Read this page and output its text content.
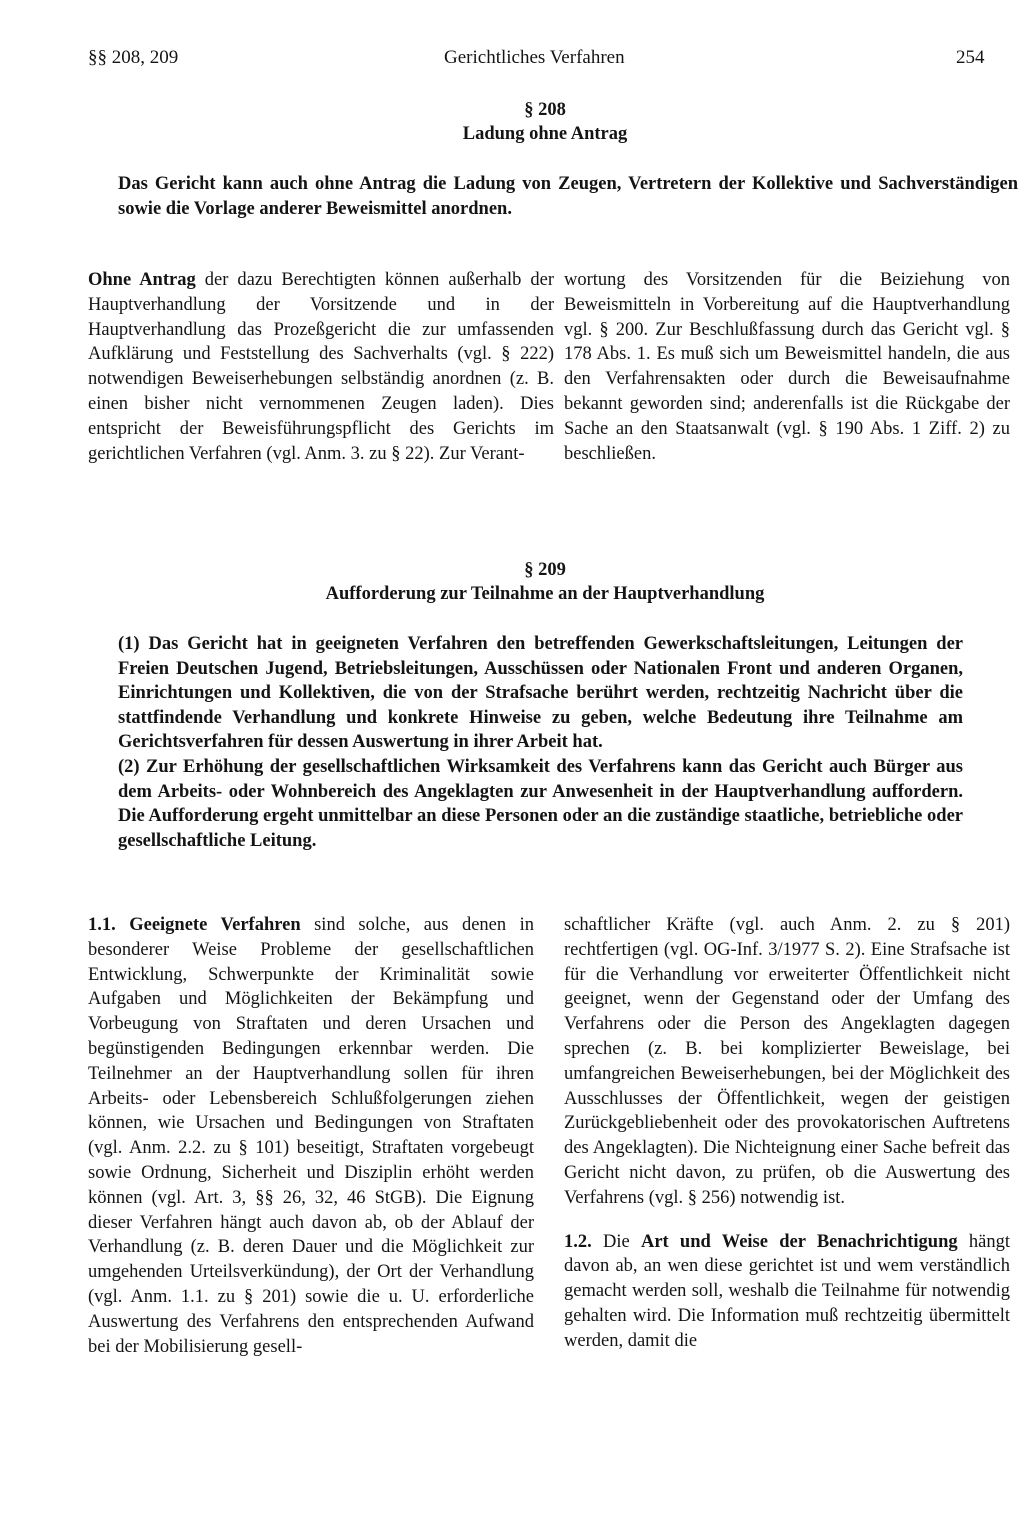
§§ 208, 209	Gerichtliches Verfahren	254
§ 208
Ladung ohne Antrag

Das Gericht kann auch ohne Antrag die Ladung von Zeugen, Vertretern der Kollektive und Sachverständigen sowie die Vorlage anderer Beweismittel anordnen.

Ohne Antrag der dazu Berechtigten können außerhalb der Hauptverhandlung der Vorsitzende und in der Hauptverhandlung das Prozeßgericht die zur umfassenden Aufklärung und Feststellung des Sachverhalts (vgl. § 222) notwendigen Beweiserhebungen selbständig anordnen (z. B. einen bisher nicht vernommenen Zeugen laden). Dies entspricht der Beweisführungspflicht des Gerichts im gerichtlichen Verfahren (vgl. Anm. 3. zu § 22). Zur Verant-

wortung des Vorsitzenden für die Beiziehung von Beweismitteln in Vorbereitung auf die Hauptverhandlung vgl. § 200. Zur Beschlußfassung durch das Gericht vgl. § 178 Abs. 1. Es muß sich um Beweismittel handeln, die aus den Verfahrensakten oder durch die Beweisaufnahme bekannt geworden sind; anderenfalls ist die Rückgabe der Sache an den Staatsanwalt (vgl. § 190 Abs. 1 Ziff. 2) zu beschließen.

§ 209
Aufforderung zur Teilnahme an der Hauptverhandlung

(1) Das Gericht hat in geeigneten Verfahren den betreffenden Gewerkschaftsleitungen, Leitungen der Freien Deutschen Jugend, Betriebsleitungen, Ausschüssen oder Nationalen Front und anderen Organen, Einrichtungen und Kollektiven, die von der Strafsache berührt werden, rechtzeitig Nachricht über die stattfindende Verhandlung und konkrete Hinweise zu geben, welche Bedeutung ihre Teilnahme am Gerichtsverfahren für dessen Auswertung in ihrer Arbeit hat.

(2) Zur Erhöhung der gesellschaftlichen Wirksamkeit des Verfahrens kann das Gericht auch Bürger aus dem Arbeits- oder Wohnbereich des Angeklagten zur Anwesenheit in der Hauptverhandlung auffordern. Die Aufforderung ergeht unmittelbar an diese Personen oder an die zuständige staatliche, betriebliche oder gesellschaftliche Leitung.

1.1. Geeignete Verfahren sind solche, aus denen in besonderer Weise Probleme der gesellschaftlichen Entwicklung, Schwerpunkte der Kriminalität sowie Aufgaben und Möglichkeiten der Bekämpfung und Vorbeugung von Straftaten und deren Ursachen und begünstigenden Bedingungen erkennbar werden. Die Teilnehmer an der Hauptverhandlung sollen für ihren Arbeits- oder Lebensbereich Schlußfolgerungen ziehen können, wie Ursachen und Bedingungen von Straftaten (vgl. Anm. 2.2. zu § 101) beseitigt, Straftaten vorgebeugt sowie Ordnung, Sicherheit und Disziplin erhöht werden können (vgl. Art. 3, §§ 26, 32, 46 StGB). Die Eignung dieser Verfahren hängt auch davon ab, ob der Ablauf der Verhandlung (z. B. deren Dauer und die Möglichkeit zur umgehenden Urteilsverkündung), der Ort der Verhandlung (vgl. Anm. 1.1. zu § 201) sowie die u. U. erforderliche Auswertung des Verfahrens den entsprechenden Aufwand bei der Mobilisierung gesell-

schaftlicher Kräfte (vgl. auch Anm. 2. zu § 201) rechtfertigen (vgl. OG-Inf. 3/1977 S. 2). Eine Strafsache ist für die Verhandlung vor erweiterter Öffentlichkeit nicht geeignet, wenn der Gegenstand oder der Umfang des Verfahrens oder die Person des Angeklagten dagegen sprechen (z. B. bei komplizierter Beweislage, bei umfangreichen Beweiserhebungen, bei der Möglichkeit des Ausschlusses der Öffentlichkeit, wegen der geistigen Zurückgebliebenheit oder des provokatorischen Auftretens des Angeklagten). Die Nichteignung einer Sache befreit das Gericht nicht davon, zu prüfen, ob die Auswertung des Verfahrens (vgl. § 256) notwendig ist.

1.2. Die Art und Weise der Benachrichtigung hängt davon ab, an wen diese gerichtet ist und wem verständlich gemacht werden soll, weshalb die Teilnahme für notwendig gehalten wird. Die Information muß rechtzeitig übermittelt werden, damit die
